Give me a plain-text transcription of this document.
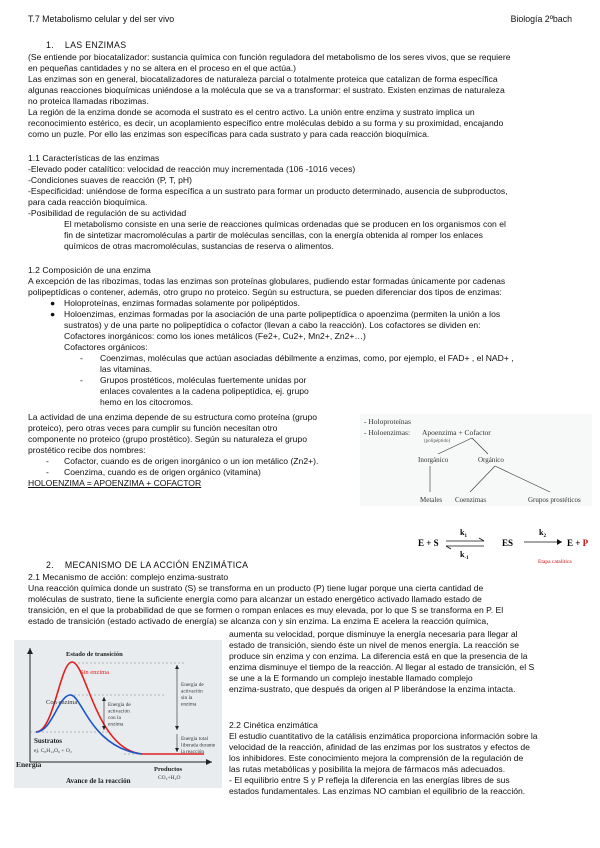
T.7 Metabolismo celular y del ser vivo	Biología 2ºbach
1. LAS ENZIMAS
(Se entiende por biocatalizador: sustancia química con función reguladora del metabolismo de los seres vivos, que se requiere
en pequeñas cantidades y no se altera en el proceso en el que actúa.)
Las enzimas son en general, biocatalizadores de naturaleza parcial o totalmente proteica que catalizan de forma específica
algunas reacciones bioquímicas uniéndose a la molécula que se va a transformar: el sustrato. Existen enzimas de naturaleza
no proteica llamadas ribozimas.
La región de la enzima donde se acomoda el sustrato es el centro activo. La unión entre enzima y sustrato implica un
reconocimiento estérico, es decir, un acoplamiento específico entre moléculas debido a su forma y su proximidad, encajando
como un puzle. Por ello las enzimas son específicas para cada sustrato y para cada reacción bioquímica.
1.1 Características de las enzimas
-Elevado poder catalítico: velocidad de reacción muy incrementada (106 -1016 veces)
-Condiciones suaves de reacción (P, T, pH)
-Especificidad: uniéndose de forma específica a un sustrato para formar un producto determinado, ausencia de subproductos,
para cada reacción bioquímica.
-Posibilidad de regulación de su actividad
El metabolismo consiste en una serie de reacciones químicas ordenadas que se producen en los organismos con el
fin de sintetizar macromoléculas a partir de moléculas sencillas, con la energía obtenida al romper los enlaces
químicos de otras macromoléculas, sustancias de reserva o alimentos.
1.2 Composición de una enzima
A excepción de las ribozimas, todas las enzimas son proteínas globulares, pudiendo estar formadas únicamente por cadenas
polipeptídicas o contener, además, otro grupo no proteico. Según su estructura, se pueden diferenciar dos tipos de enzimas:
● Holoproteínas, enzimas formadas solamente por polipéptidos.
● Holoenzimas, enzimas formadas por la asociación de una parte polipeptídica o apoenzima (permiten la unión a los
sustratos) y de una parte no polipeptídica o cofactor (llevan a cabo la reacción). Los cofactores se dividen en:
Cofactores inorgánicos: como los iones metálicos (Fe2+, Cu2+, Mn2+, Zn2+…)
Cofactores orgánicos:
- Coenzimas, moléculas que actúan asociadas débilmente a enzimas, como, por ejemplo, el FAD+ , el NAD+ ,
las vitaminas.
- Grupos prostéticos, moléculas fuertemente unidas por
enlaces covalentes a la cadena polipeptídica, ej. grupo
hemo en los citocromos.
La actividad de una enzima depende de su estructura como proteína (grupo
proteico), pero otras veces para cumplir su función necesitan otro
componente no proteico (grupo prostético). Según su naturaleza el grupo
prostético recibe dos nombres:
- Cofactor, cuando es de origen inorgánico o un ion metálico (Zn2+).
- Coenzima, cuando es de origen orgánico (vitamina)
HOLOENZIMA = APOENZIMA + COFACTOR
- Holoproteínas
- Holoenzimas: Apoenzima + Cofactor
(polipéptido)
Inorgánico	Orgánico
Metales Coenzimas	Grupos prostéticos
E + S
$k_1$
$k_{-1}$
ES
$k_2$
E + P
Etapa catalítica
2. MECANISMO DE LA ACCIÓN ENZIMÁTICA
2.1 Mecanismo de acción: complejo enzima-sustrato
Una reacción química donde un sustrato (S) se transforma en un producto (P) tiene lugar porque una cierta cantidad de
moléculas de sustrato, tiene la suficiente energía como para alcanzar un estado energético activado llamado estado de
transición, en el que la probabilidad de que se formen o rompan enlaces es muy elevada, por lo que S se transforma en P. El
estado de transición (estado activado de energía) se alcanza con y sin enzima. La enzima E acelera la reacción química,
aumenta su velocidad, porque disminuye la energía necesaria para llegar al
estado de transición, siendo éste un nivel de menos energía. La reacción se
produce sin enzima y con enzima. La diferencia está en que la presencia de la
enzima disminuye el tiempo de la reacción. Al llegar al estado de transición, el S
se une a la E formando un complejo inestable llamado complejo
enzima-sustrato, que después da origen al P liberándose la enzima intacta.
2.2 Cinética enzimática
El estudio cuantitativo de la catálisis enzimática proporciona información sobre la
velocidad de la reacción, afinidad de las enzimas por los sustratos y efectos de
los inhibidores. Este conocimiento mejora la comprensión de la regulación de
las rutas metabólicas y posibilita la mejora de fármacos más adecuados.
- El equilibrio entre S y P refleja la diferencia en las energías libres de sus
estados fundamentales. Las enzimas NO cambian el equilibrio de la reacción.
Estado de transición
Sin enzima
Con enzima
Energía de activación sin la enzima
Energía de activación con la enzima
Energía total liberada durante la reacción
Sustratos
ej. C₆H₁₂O₆ + O₂
Productos
CO₂+H₂O
Energía
Avance de la reacción
